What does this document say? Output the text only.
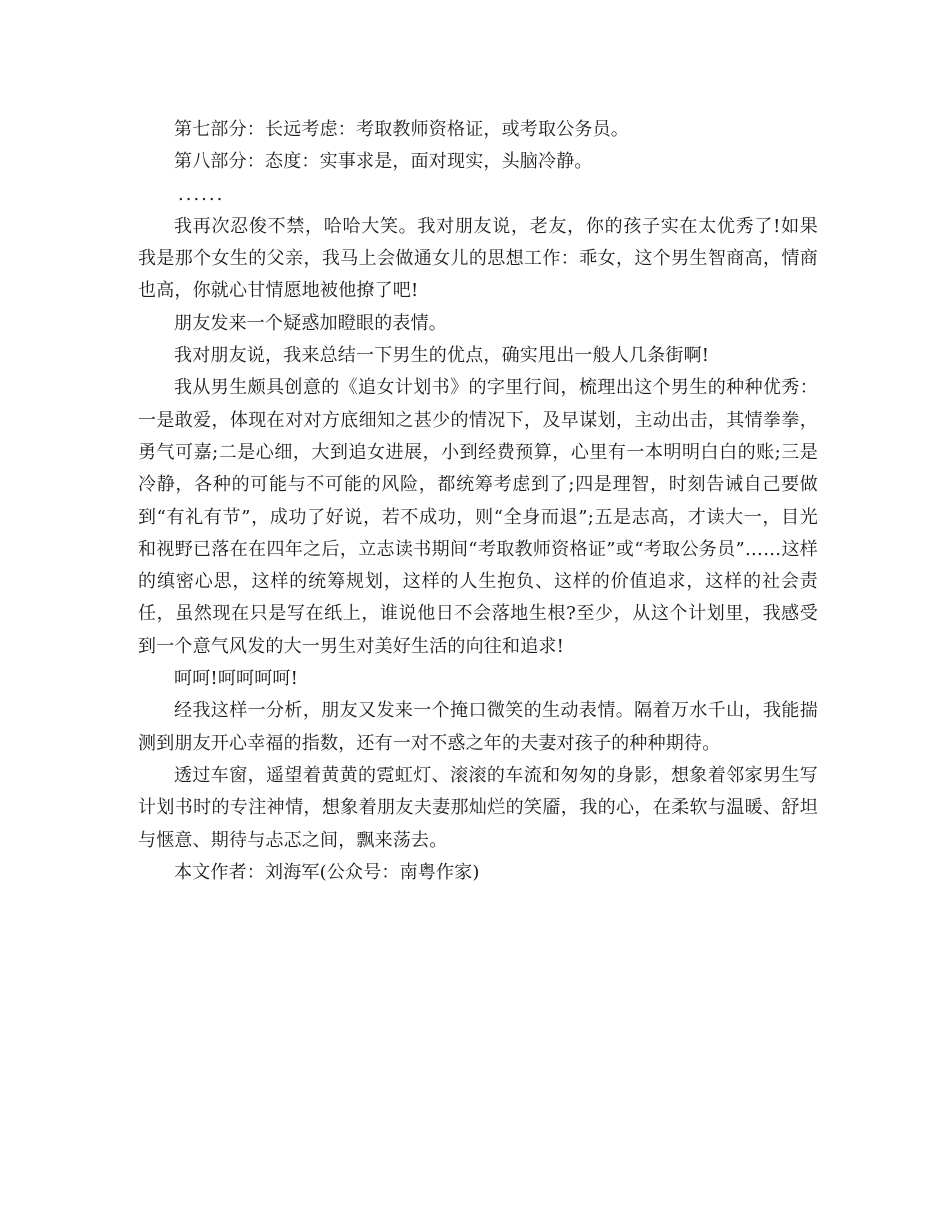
第七部分：长远考虑：考取教师资格证，或考取公务员。

第八部分：态度：实事求是，面对现实，头脑冷静。

......

我再次忍俊不禁，哈哈大笑。我对朋友说，老友，你的孩子实在太优秀了!如果我是那个女生的父亲，我马上会做通女儿的思想工作：乖女，这个男生智商高，情商也高，你就心甘情愿地被他撩了吧!

朋友发来一个疑惑加瞪眼的表情。

我对朋友说，我来总结一下男生的优点，确实甩出一般人几条街啊!

我从男生颇具创意的《追女计划书》的字里行间，梳理出这个男生的种种优秀：一是敢爱，体现在对对方底细知之甚少的情况下，及早谋划，主动出击，其情拳拳，勇气可嘉;二是心细，大到追女进展，小到经费预算，心里有一本明明白白的账;三是冷静，各种的可能与不可能的风险，都统筹考虑到了;四是理智，时刻告诫自己要做到“有礼有节”，成功了好说，若不成功，则“全身而退”;五是志高，才读大一，目光和视野已落在在四年之后，立志读书期间“考取教师资格证”或“考取公务员”……这样的缜密心思，这样的统筹规划，这样的人生抱负、这样的价值追求，这样的社会责任，虽然现在只是写在纸上，谁说他日不会落地生根?至少，从这个计划里，我感受到一个意气风发的大一男生对美好生活的向往和追求!

呵呵!呵呵呵呵!

经我这样一分析，朋友又发来一个掩口微笑的生动表情。隔着万水千山，我能揣测到朋友开心幸福的指数，还有一对不惑之年的夫妻对孩子的种种期待。

透过车窗，遥望着黄黄的霓虹灯、滚滚的车流和匆匆的身影，想象着邻家男生写计划书时的专注神情，想象着朋友夫妻那灿烂的笑靥，我的心，在柔软与温暖、舒坦与惬意、期待与忐忑之间，飘来荡去。

本文作者：刘海军(公众号：南粤作家)
